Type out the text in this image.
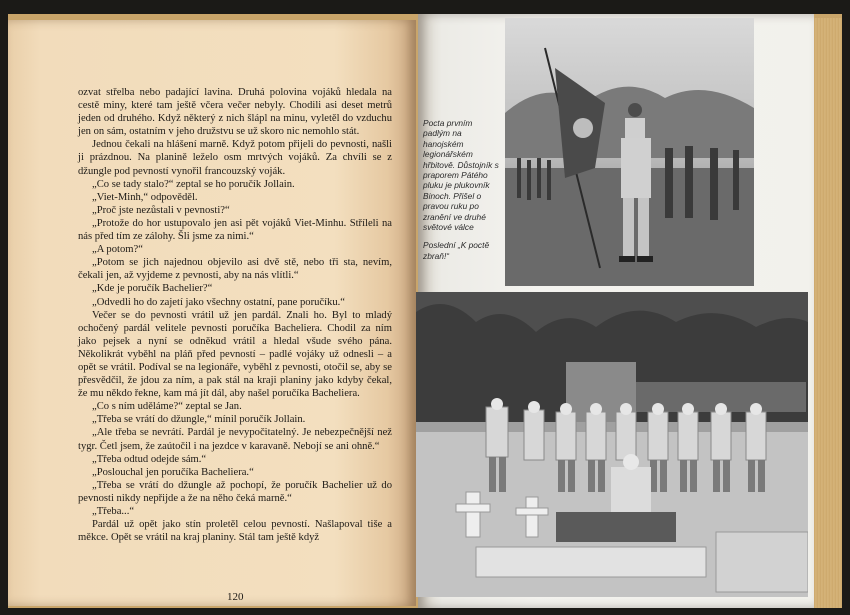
ozvat střelba nebo padající lavina. Druhá polovina vojáků hledala na cestě miny, které tam ještě včera večer nebyly. Chodili asi deset metrů jeden od druhého. Když některý z nich šlápl na minu, vyletěl do vzduchu jen on sám, ostatním v jeho družstvu se už skoro nic nemohlo stát.

Jednou čekali na hlášení marně. Když potom přijeli do pevnosti, našli ji prázdnou. Na planině leželo osm mrtvých vojáků. Za chvíli se z džungle pod pevností vynořil francouzský voják.

„Co se tady stalo?“ zeptal se ho poručík Jollain.

„Viet-Minh,“ odpověděl.

„Proč jste nezůstali v pevnosti?“

„Protože do hor ustupovalo jen asi pět vojáků Viet-Minhu. Stříleli na nás před tím ze zálohy. Šli jsme za nimi.“

„A potom?“

„Potom se jich najednou objevilo asi dvě stě, nebo tři sta, nevím, čekali jen, až vyjdeme z pevnosti, aby na nás vlítli.“

„Kde je poručík Bachelier?“

„Odvedli ho do zajetí jako všechny ostatní, pane poručíku.“

Večer se do pevnosti vrátil už jen pardál. Znali ho. Byl to mladý ochočený pardál velitele pevnosti poručíka Bacheliera. Chodil za ním jako pejsek a nyní se odněkud vrátil a hledal všude svého pána. Několikrát vyběhl na pláň před pevností – padlé vojáky už odnesli – a opět se vrátil. Podíval se na legionáře, vyběhl z pevnosti, otočil se, aby se přesvědčil, že jdou za ním, a pak stál na kraji planiny jako kdyby čekal, že mu někdo řekne, kam má jít dál, aby našel poručíka Bacheliera.

„Co s ním uděláme?“ zeptal se Jan.

„Třeba se vrátí do džungle,“ mínil poručík Jollain.

„Ale třeba se nevrátí. Pardál je nevypočitatelný. Je nebezpečnější než tygr. Četl jsem, že zaútočil i na jezdce v karavaně. Nebojí se ani ohně.“

„Třeba odtud odejde sám.“

„Poslouchal jen poručíka Bacheliera.“

„Třeba se vrátí do džungle až pochopí, že poručík Bachelier už do pevnosti nikdy nepřijde a že na něho čeká marně.“

„Třeba...“

Pardál už opět jako stín proletěl celou pevností. Našlapoval tiše a měkce. Opět se vrátil na kraj planiny. Stál tam ještě když

120

Pocta prvním padlým na hanojském legionářském hřbitově. Důstojník s praporem Pátého pluku je plukovník Binoch. Přišel o pravou ruku po zranění ve druhé světové válce

Poslední „K poctě zbraň!“
